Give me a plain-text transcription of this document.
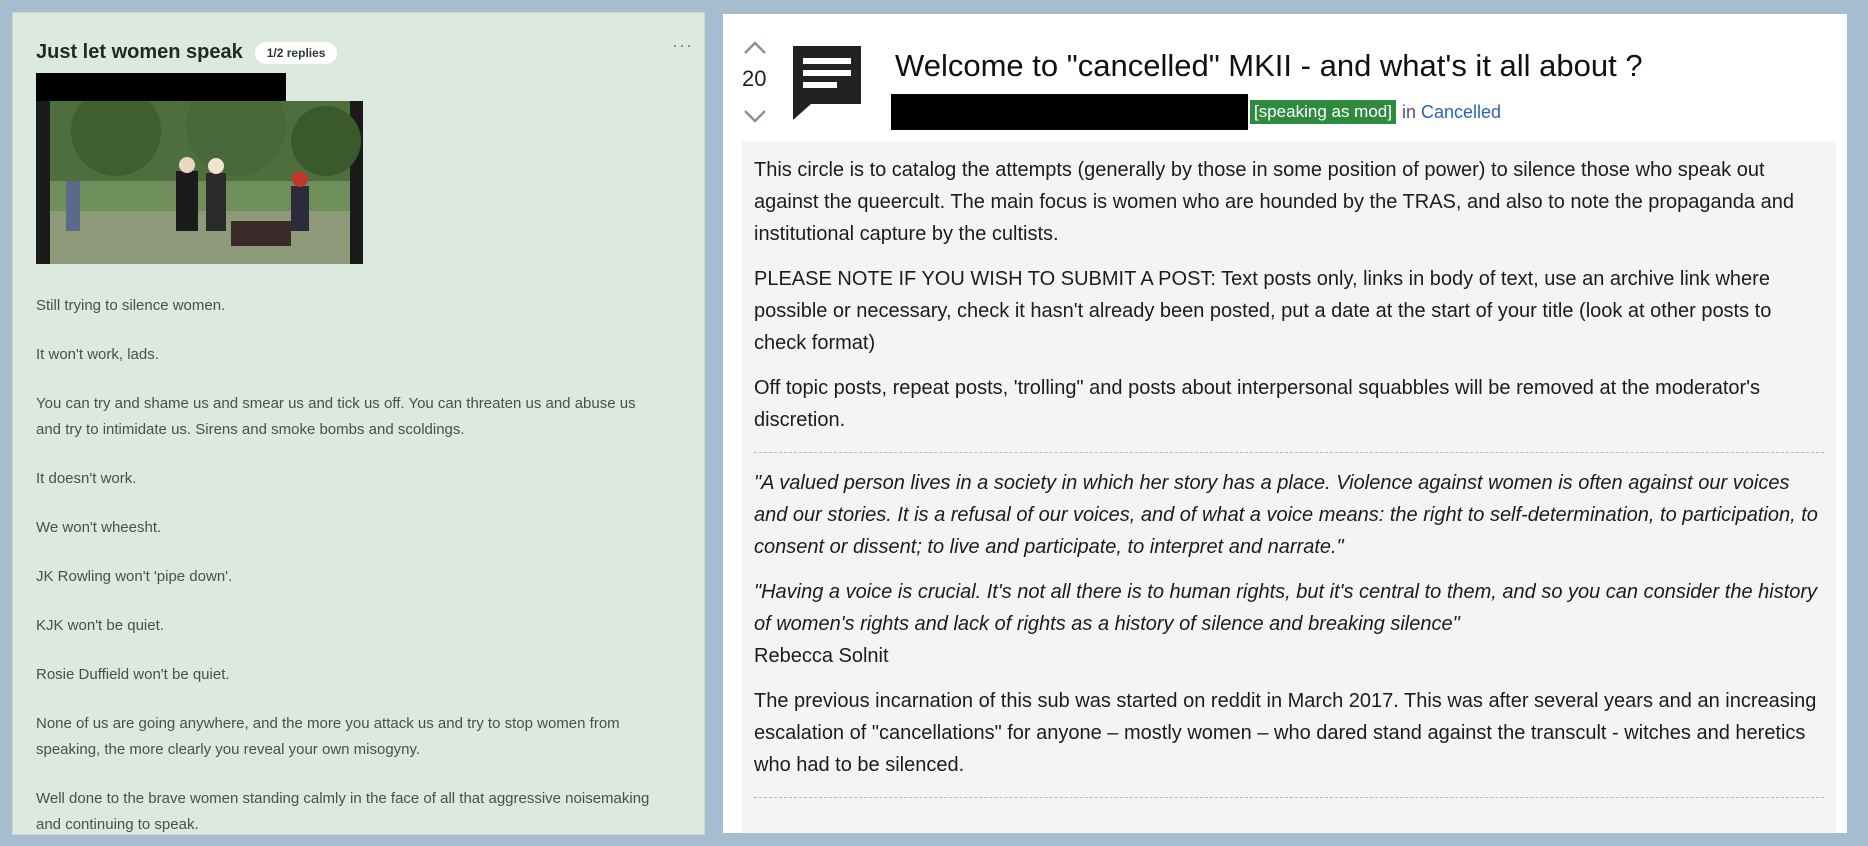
Just let women speak	1/2 replies	···

Still trying to silence women.

It won't work, lads.

You can try and shame us and smear us and tick us off. You can threaten us and abuse us and try to intimidate us. Sirens and smoke bombs and scoldings.

It doesn't work.

We won't wheesht.

JK Rowling won't 'pipe down'.

KJK won't be quiet.

Rosie Duffield won't be quiet.

None of us are going anywhere, and the more you attack us and try to stop women from speaking, the more clearly you reveal your own misogyny.

Well done to the brave women standing calmly in the face of all that aggressive noisemaking and continuing to speak.

20	Welcome to "cancelled" MKII - and what's it all about ?
[speaking as mod] in Cancelled

This circle is to catalog the attempts (generally by those in some position of power) to silence those who speak out against the queercult. The main focus is women who are hounded by the TRAS, and also to note the propaganda and institutional capture by the cultists.

PLEASE NOTE IF YOU WISH TO SUBMIT A POST: Text posts only, links in body of text, use an archive link where possible or necessary, check it hasn't already been posted, put a date at the start of your title (look at other posts to check format)

Off topic posts, repeat posts, 'trolling" and posts about interpersonal squabbles will be removed at the moderator's discretion.

"A valued person lives in a society in which her story has a place. Violence against women is often against our voices and our stories. It is a refusal of our voices, and of what a voice means: the right to self-determination, to participation, to consent or dissent; to live and participate, to interpret and narrate."

"Having a voice is crucial. It's not all there is to human rights, but it's central to them, and so you can consider the history of women's rights and lack of rights as a history of silence and breaking silence"
Rebecca Solnit

The previous incarnation of this sub was started on reddit in March 2017. This was after several years and an increasing escalation of "cancellations" for anyone – mostly women – who dared stand against the transcult - witches and heretics who had to be silenced.
